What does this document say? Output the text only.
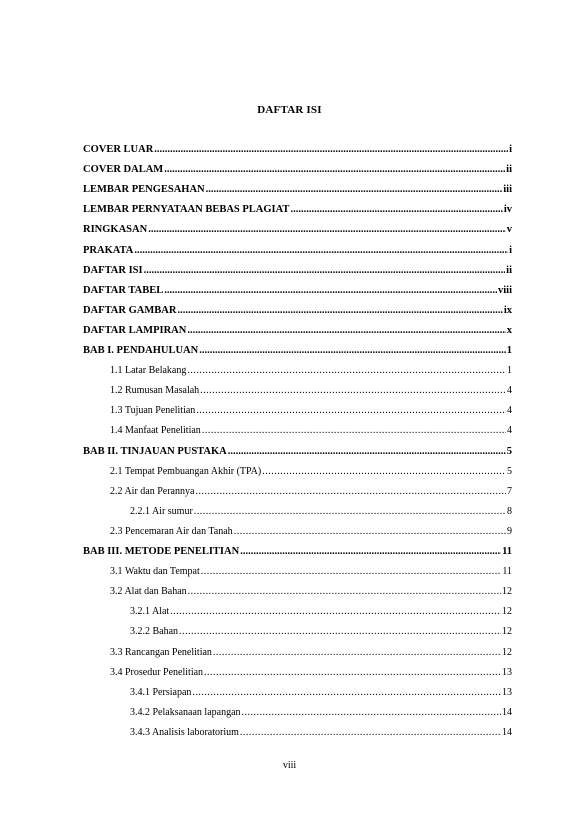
DAFTAR ISI
COVER LUAR .....	i
COVER DALAM .....	ii
LEMBAR PENGESAHAN .....	iii
LEMBAR PERNYATAAN BEBAS PLAGIAT .....	iv
RINGKASAN .....	v
PRAKATA .....	i
DAFTAR ISI .....	ii
DAFTAR TABEL .....	viii
DAFTAR GAMBAR .....	ix
DAFTAR LAMPIRAN .....	x
BAB I. PENDAHULUAN .....	1
1.1 Latar Belakang .....	1
1.2 Rumusan Masalah .....	4
1.3 Tujuan Penelitian .....	4
1.4 Manfaat Penelitian .....	4
BAB II. TINJAUAN PUSTAKA .....	5
2.1 Tempat Pembuangan Akhir (TPA) .....	5
2.2 Air dan Perannya .....	7
2.2.1 Air sumur .....	8
2.3 Pencemaran Air dan Tanah .....	9
BAB III. METODE PENELITIAN .....	11
3.1 Waktu dan Tempat .....	11
3.2 Alat dan Bahan .....	12
3.2.1 Alat .....	12
3.2.2 Bahan .....	12
3.3 Rancangan Penelitian .....	12
3.4 Prosedur Penelitian .....	13
3.4.1 Persiapan .....	13
3.4.2 Pelaksanaan lapangan .....	14
3.4.3 Analisis laboratorium .....	14
viii
